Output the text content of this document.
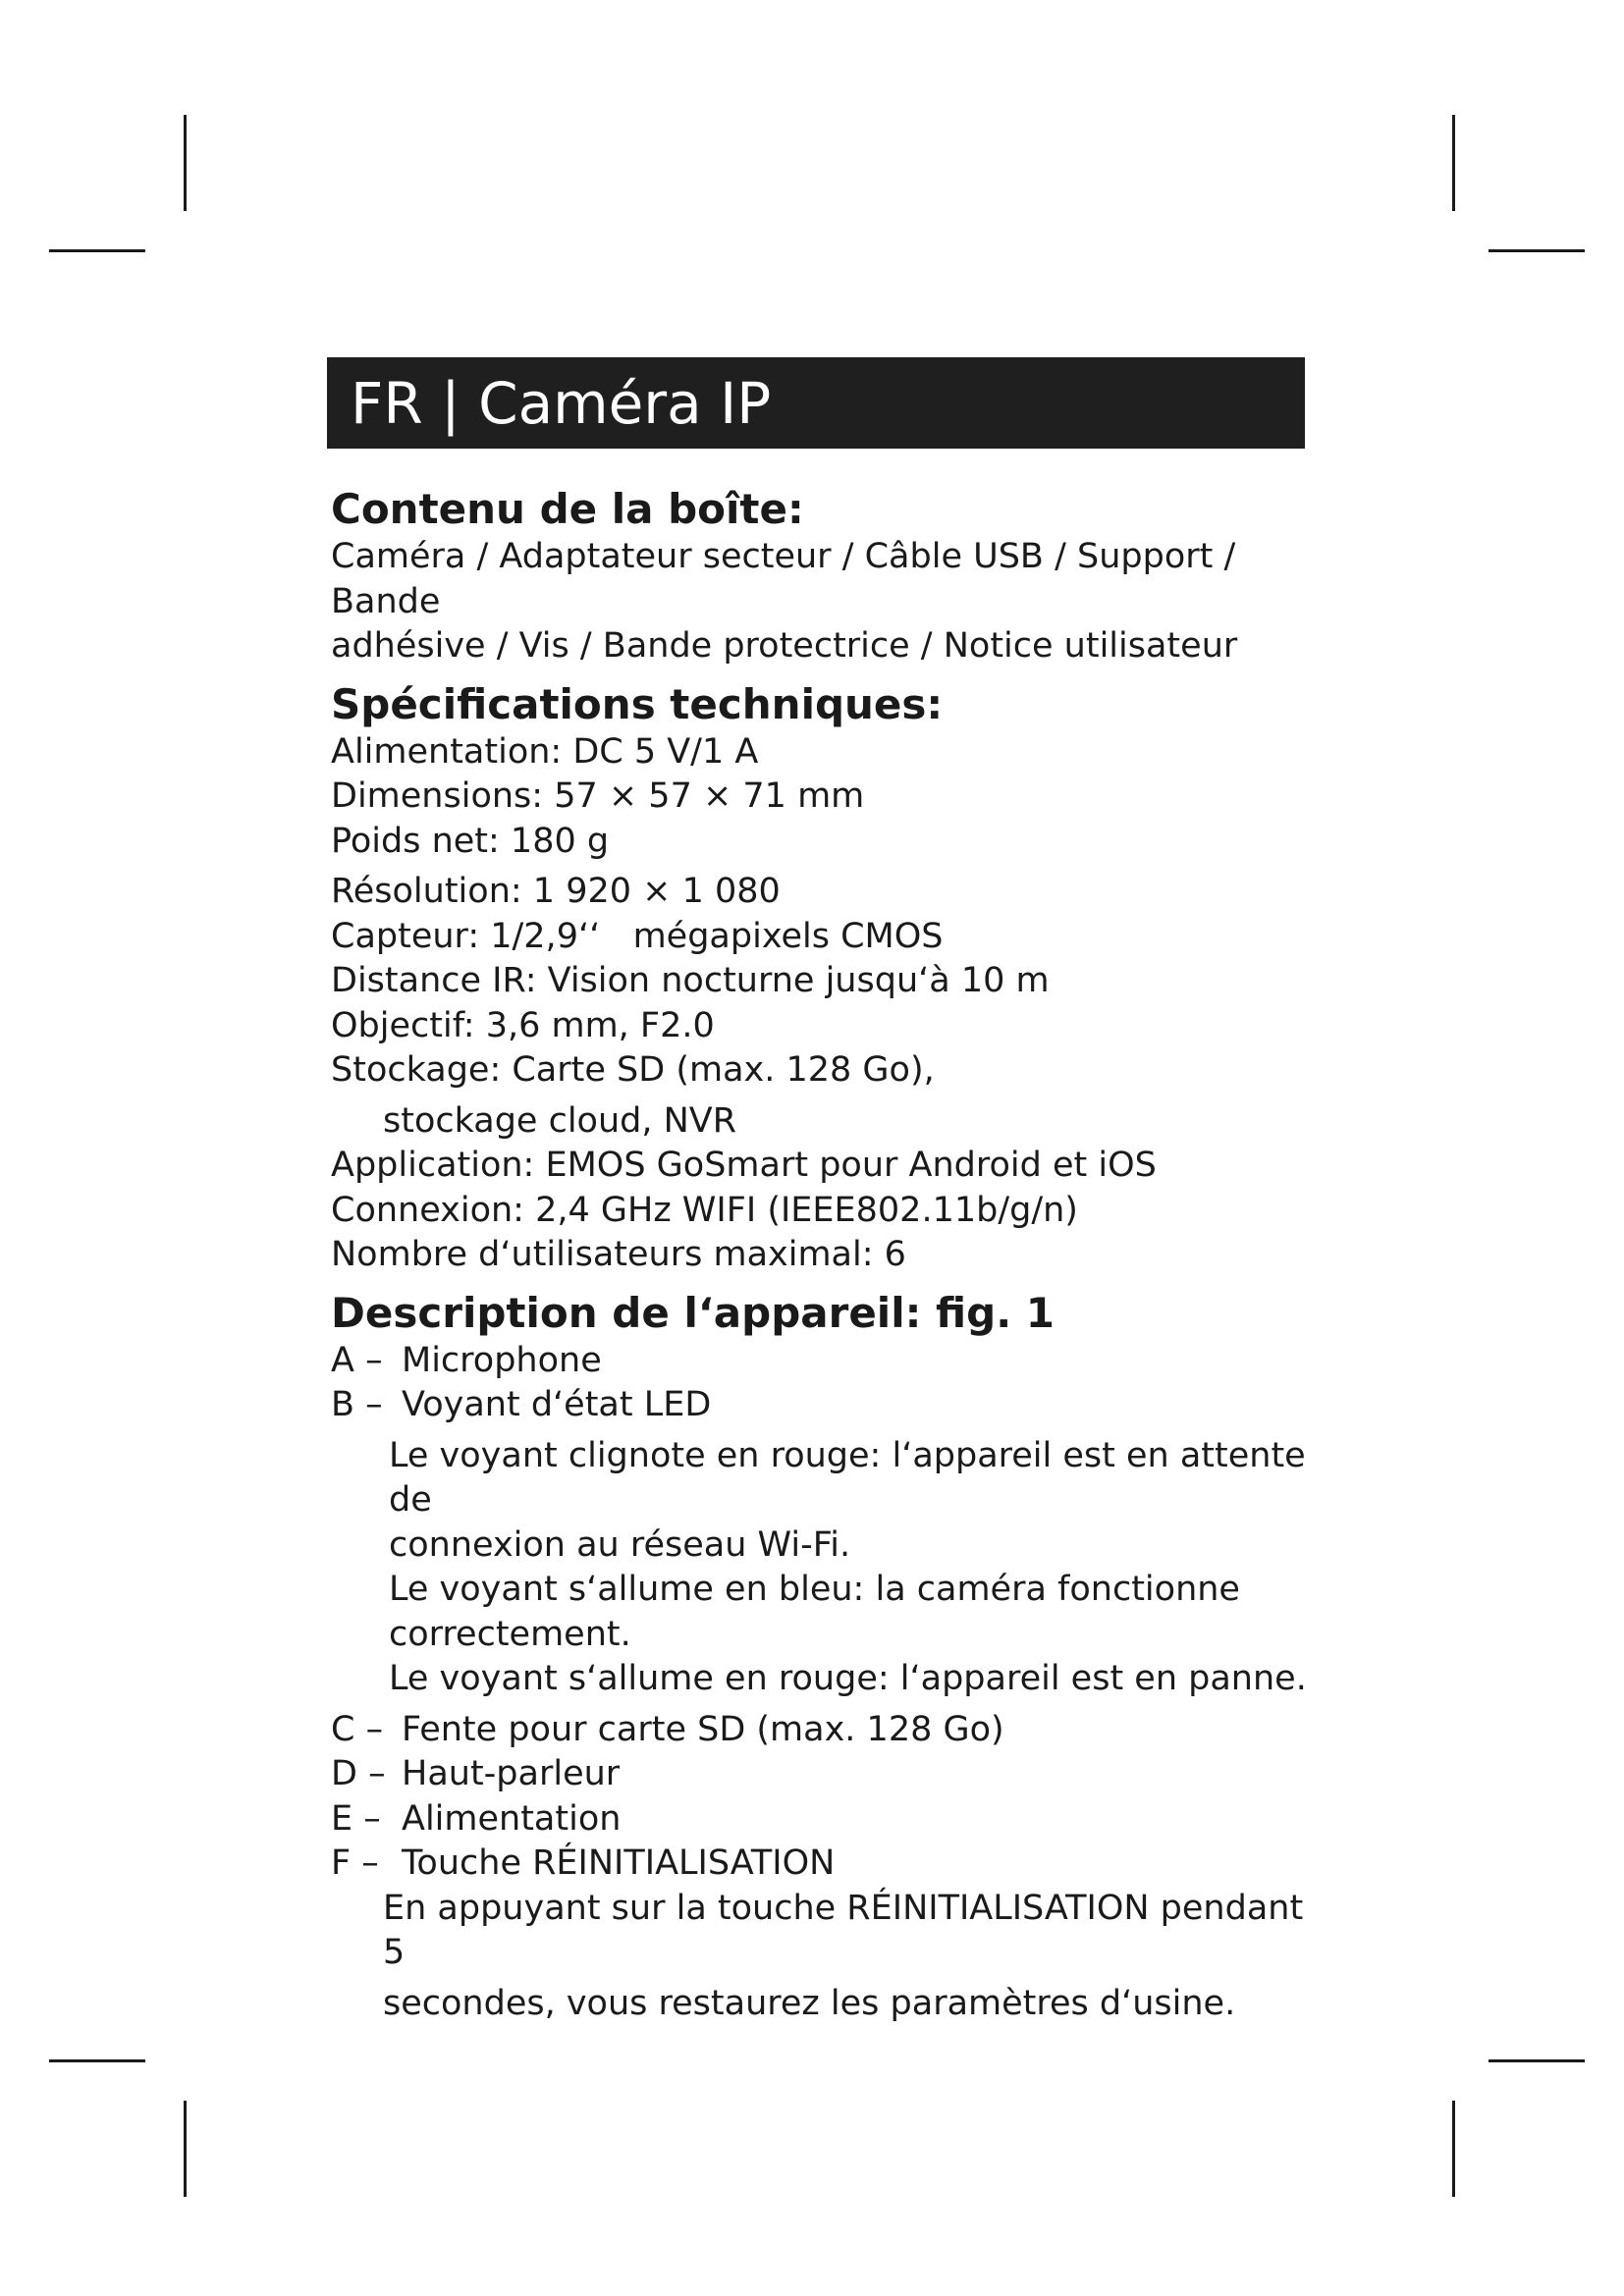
FR | Caméra IP
Contenu de la boîte:
Caméra / Adaptateur secteur / Câble USB / Support / Bande
adhésive / Vis / Bande protectrice / Notice utilisateur
Spécifications techniques:
Alimentation: DC 5 V/1 A
Dimensions: 57 × 57 × 71 mm
Poids net: 180 g
Résolution: 1 920 × 1 080
Capteur: 1/2,9‘‘   mégapixels CMOS
Distance IR: Vision nocturne jusqu‘à 10 m
Objectif: 3,6 mm, F2.0
Stockage: Carte SD (max. 128 Go),
stockage cloud, NVR
Application: EMOS GoSmart pour Android et iOS
Connexion: 2,4 GHz WIFI (IEEE802.11b/g/n)
Nombre d‘utilisateurs maximal: 6
Description de l‘appareil: fig. 1
A – Microphone
B – Voyant d‘état LED
Le voyant clignote en rouge: l‘appareil est en attente de
connexion au réseau Wi-Fi.
Le voyant s‘allume en bleu: la caméra fonctionne
correctement.
Le voyant s‘allume en rouge: l‘appareil est en panne.
C – Fente pour carte SD (max. 128 Go)
D – Haut-parleur
E – Alimentation
F – Touche RÉINITIALISATION
En appuyant sur la touche RÉINITIALISATION pendant 5
secondes, vous restaurez les paramètres d‘usine.
